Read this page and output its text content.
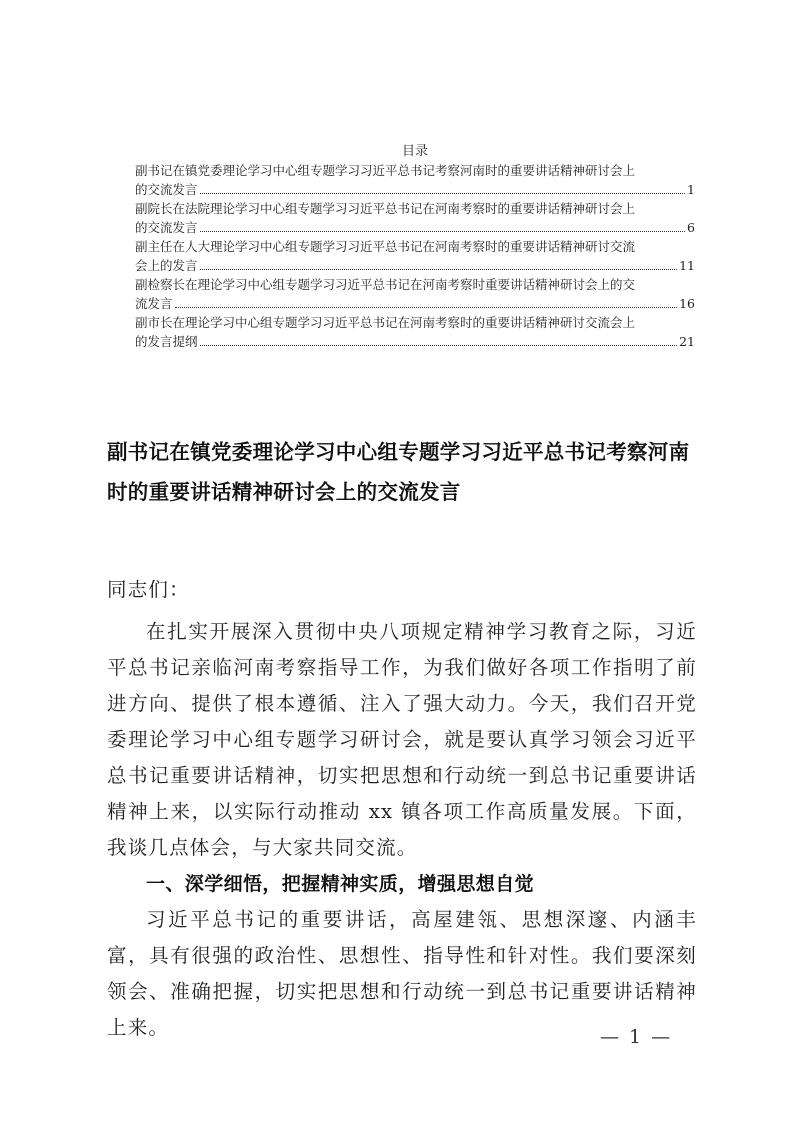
目录
副书记在镇党委理论学习中心组专题学习习近平总书记考察河南时的重要讲话精神研讨会上
的交流发言	1
副院长在法院理论学习中心组专题学习习近平总书记在河南考察时的重要讲话精神研讨会上
的交流发言	6
副主任在人大理论学习中心组专题学习习近平总书记在河南考察时的重要讲话精神研讨交流
会上的发言	11
副检察长在理论学习中心组专题学习习近平总书记在河南考察时重要讲话精神研讨会上的交
流发言	16
副市长在理论学习中心组专题学习习近平总书记在河南考察时的重要讲话精神研讨交流会上
的发言提纲	21
副书记在镇党委理论学习中心组专题学习习近平总书记考察河南时的重要讲话精神研讨会上的交流发言
同志们：

在扎实开展深入贯彻中央八项规定精神学习教育之际，习近平总书记亲临河南考察指导工作，为我们做好各项工作指明了前进方向、提供了根本遵循、注入了强大动力。今天，我们召开党委理论学习中心组专题学习研讨会，就是要认真学习领会习近平总书记重要讲话精神，切实把思想和行动统一到总书记重要讲话精神上来，以实际行动推动 xx 镇各项工作高质量发展。下面，我谈几点体会，与大家共同交流。

一、深学细悟，把握精神实质，增强思想自觉

习近平总书记的重要讲话，高屋建瓴、思想深邃、内涵丰富，具有很强的政治性、思想性、指导性和针对性。我们要深刻领会、准确把握，切实把思想和行动统一到总书记重要讲话精神上来。	— 1 —
